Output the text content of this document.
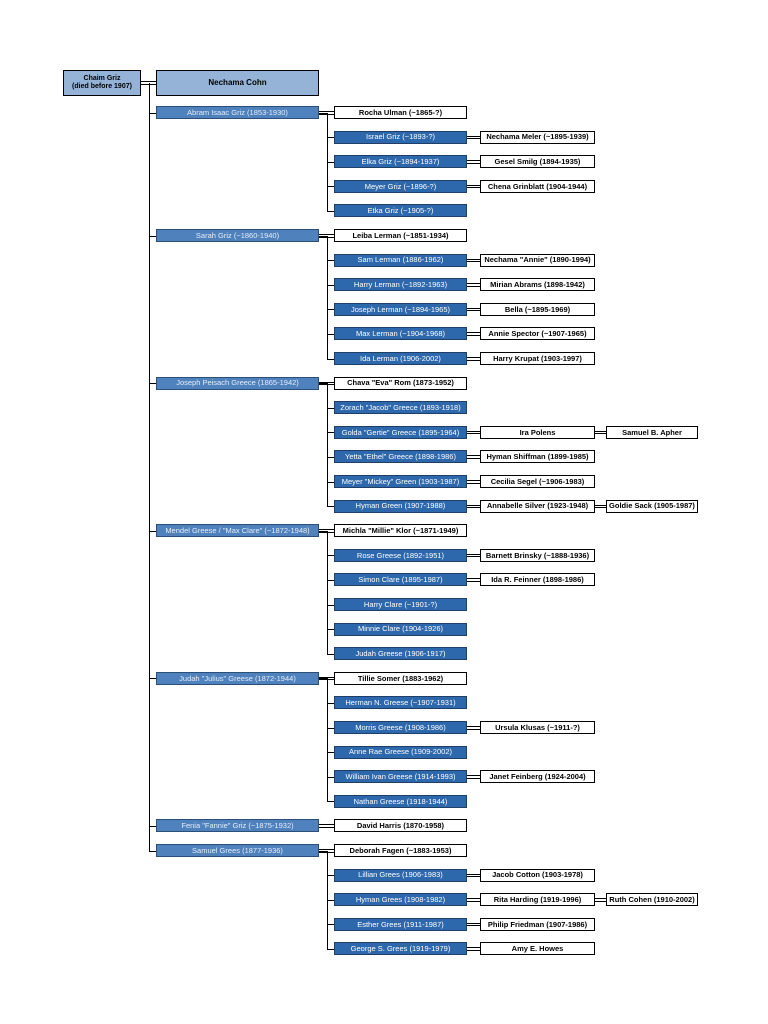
Chaim Griz
(died before 1907)	Nechama Cohn
Abram Isaac Griz (1853-1930)	Rocha Ulman (~1865-?)
Israel Griz (~1893-?)	Nechama Meler (~1895-1939)
Elka Griz (~1894-1937)	Gesel Smilg (1894-1935)
Meyer Griz (~1896-?)	Chena Grinblatt (1904-1944)
Etka Griz (~1905-?)
Sarah Griz (~1860-1940)	Leiba Lerman (~1851-1934)
Sam Lerman (1886-1962)	Nechama "Annie" (1890-1994)
Harry Lerman (~1892-1963)	Mirian Abrams (1898-1942)
Joseph Lerman (~1894-1965)	Bella (~1895-1969)
Max Lerman (~1904-1968)	Annie Spector (~1907-1965)
Ida Lerman (1906-2002)	Harry Krupat (1903-1997)
Joseph Peisach Greece (1865-1942)	Chava "Eva" Rom (1873-1952)
Zorach "Jacob" Greece (1893-1918)
Golda "Gertie" Greece (1895-1964)	Ira Polens	Samuel B. Apher
Yetta "Ethel" Greece (1898-1986)	Hyman Shiffman (1899-1985)
Meyer "Mickey" Green (1903-1987)	Cecilia Segel (~1906-1983)
Hyman Green (1907-1988)	Annabelle Silver (1923-1948)	Goldie Sack (1905-1987)
Mendel Greese / "Max Clare" (~1872-1948)	Michla "Millie" Klor (~1871-1949)
Rose Greese (1892-1951)	Barnett Brinsky (~1888-1936)
Simon Clare (1895-1987)	Ida R. Feinner (1898-1986)
Harry Clare (~1901-?)
Minnie Clare (1904-1926)
Judah Greese (1906-1917)
Judah "Julius" Greese (1872-1944)	Tillie Somer (1883-1962)
Herman N. Greese (~1907-1931)
Morris Greese (1908-1986)	Ursula Klusas (~1911-?)
Anne Rae Greese (1909-2002)
William Ivan Greese (1914-1993)	Janet Feinberg (1924-2004)
Nathan Greese (1918-1944)
Fenia "Fannie" Griz (~1875-1932)	David Harris (1870-1958)
Samuel Grees (1877-1936)	Deborah Fagen (~1883-1953)
Lillian Grees (1906-1983)	Jacob Cotton (1903-1978)
Hyman Grees (1908-1982)	Rita Harding (1919-1996)	Ruth Cohen (1910-2002)
Esther Grees (1911-1987)	Philip Friedman (1907-1986)
George S. Grees (1919-1979)	Amy E. Howes
